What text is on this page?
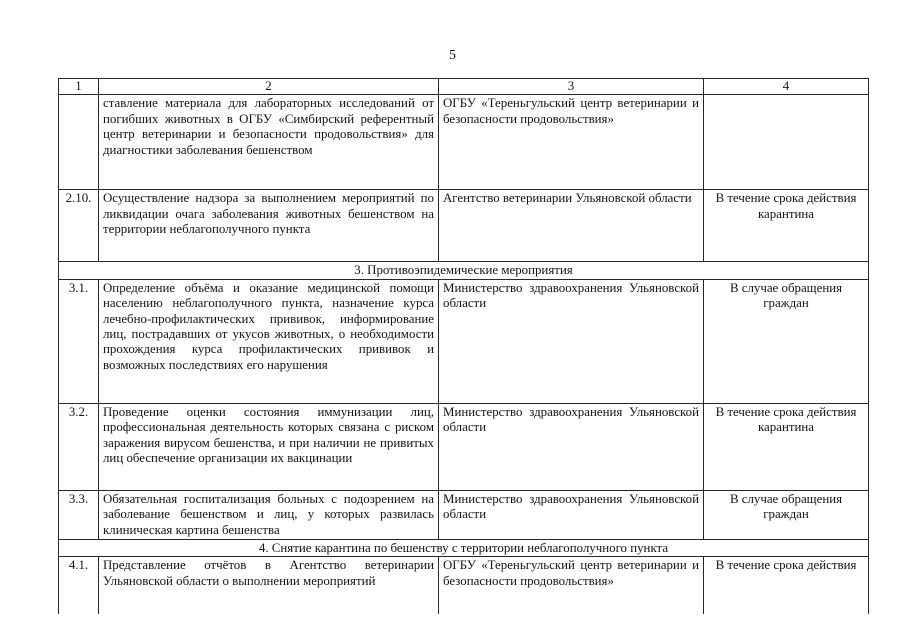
5
1	2	3	4
	ставление материала для лабораторных исследований от погибших животных в ОГБУ «Симбирский референтный центр ветеринарии и безопасности продовольствия» для диагностики заболевания бешенством	ОГБУ «Тереньгульский центр ветеринарии и безопасности продовольствия»	
2.10.	Осуществление надзора за выполнением мероприятий по ликвидации очага заболевания животных бешенством на территории неблагополучного пункта	Агентство ветеринарии Ульяновской области	В течение срока действия карантина
3. Противоэпидемические мероприятия			
3.1.	Определение объёма и оказание медицинской помощи населению неблагополучного пункта, назначение курса лечебно-профилактических прививок, информирование лиц, пострадавших от укусов животных, о необходимости прохождения курса профилактических прививок и возможных последствиях его нарушения	Министерство здравоохранения Ульяновской области	В случае обращения граждан
3.2.	Проведение оценки состояния иммунизации лиц, профессиональная деятельность которых связана с риском заражения вирусом бешенства, и при наличии не привитых лиц обеспечение организации их вакцинации	Министерство здравоохранения Ульяновской области	В течение срока действия карантина
3.3.	Обязательная госпитализация больных с подозрением на заболевание бешенством и лиц, у которых развилась клиническая картина бешенства	Министерство здравоохранения Ульяновской области	В случае обращения граждан
4. Снятие карантина по бешенству с территории неблагополучного пункта			
4.1.	Представление отчётов в Агентство ветеринарии Ульяновской области о выполнении мероприятий	ОГБУ «Тереньгульский центр ветеринарии и безопасности продовольствия»	В течение срока действия
